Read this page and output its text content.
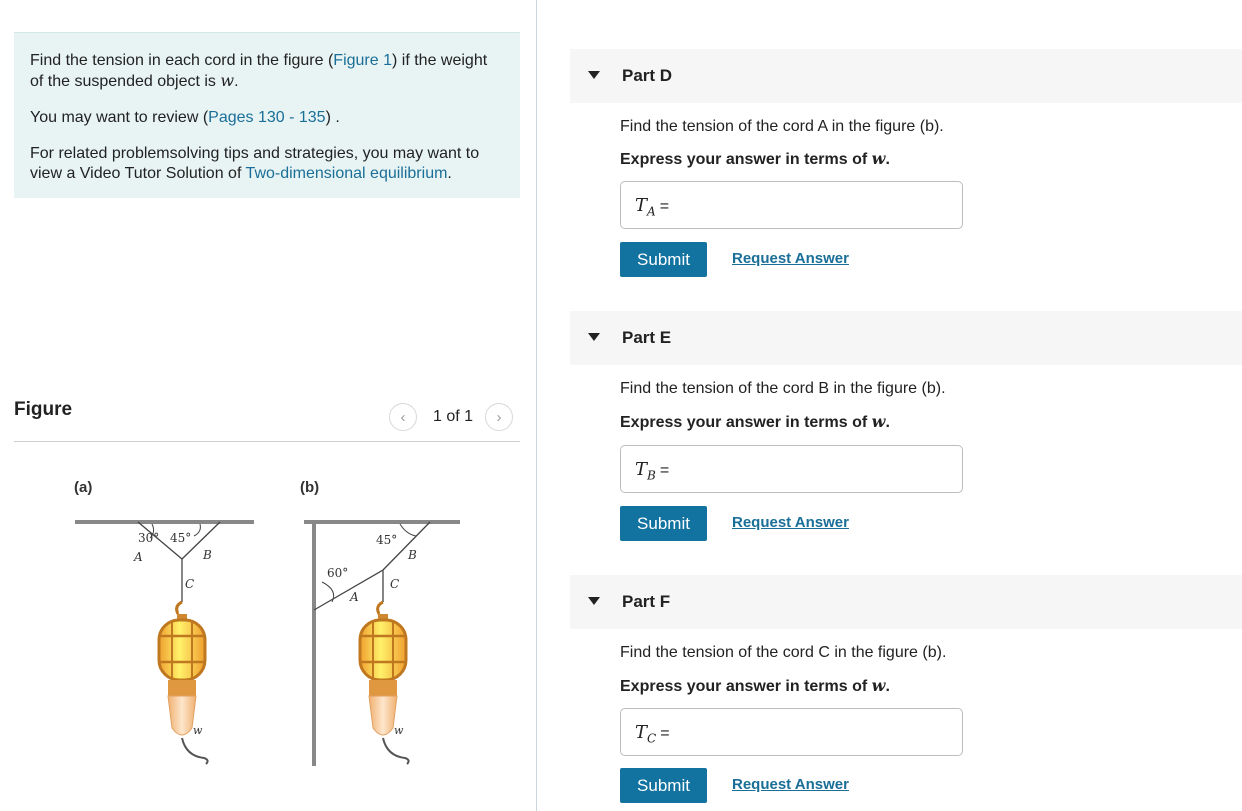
Find the tension in each cord in the figure (Figure 1) if the weight of the suspended object is w.

You may want to review (Pages 130 - 135) .

For related problemsolving tips and strategies, you may want to view a Video Tutor Solution of Two-dimensional equilibrium.

Figure	‹ 1 of 1 ›
(a)
30° 45°
A	B
C
w
(b)
60°
45°
A
B
C
w
Part D
Find the tension of the cord A in the figure (b).
Express your answer in terms of w.
$T_A$ =
Submit	Request Answer
Part E
Find the tension of the cord B in the figure (b).
Express your answer in terms of w.
$T_B$ =
Submit	Request Answer
Part F
Find the tension of the cord C in the figure (b).
Express your answer in terms of w.
$T_C$ =
Submit	Request Answer
